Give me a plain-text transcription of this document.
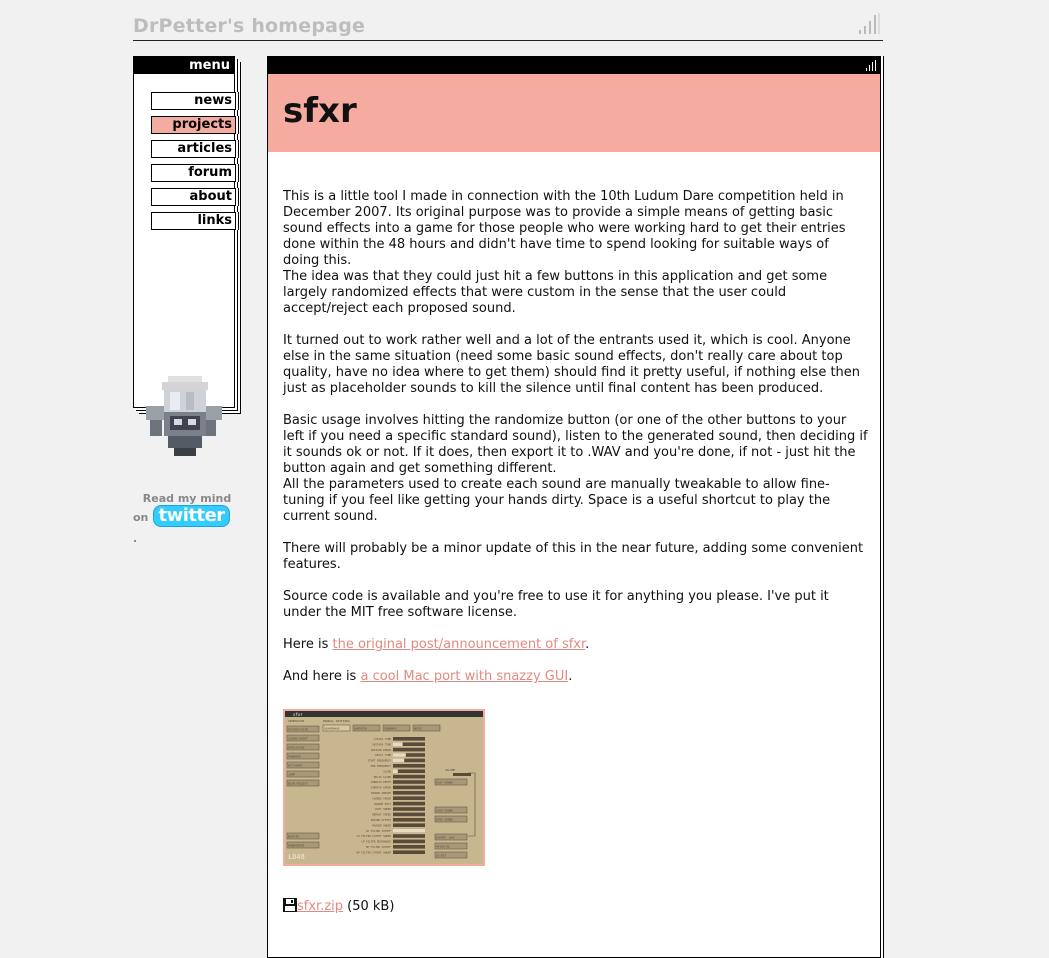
DrPetter's homepage
menu
news
projects
articles
forum
about
links
Read my mind
on twitter.
sfxr

This is a little tool I made in connection with the 10th Ludum Dare competition held in December 2007. Its original purpose was to provide a simple means of getting basic sound effects into a game for those people who were working hard to get their entries done within the 48 hours and didn't have time to spend looking for suitable ways of doing this.
The idea was that they could just hit a few buttons in this application and get some largely randomized effects that were custom in the sense that the user could accept/reject each proposed sound.

It turned out to work rather well and a lot of the entrants used it, which is cool. Anyone else in the same situation (need some basic sound effects, don't really care about top quality, have no idea where to get them) should find it pretty useful, if nothing else then just as placeholder sounds to kill the silence until final content has been produced.

Basic usage involves hitting the randomize button (or one of the other buttons to your left if you need a specific standard sound), listen to the generated sound, then deciding if it sounds ok or not. If it does, then export it to .WAV and you're done, if not - just hit the button again and get something different.
All the parameters used to create each sound are manually tweakable to allow fine-tuning if you feel like getting your hands dirty. Space is a useful shortcut to play the current sound.

There will probably be a minor update of this in the near future, adding some convenient features.

Source code is available and you're free to use it for anything you please. I've put it under the MIT free software license.

Here is the original post/announcement of sfxr.

And here is a cool Mac port with snazzy GUI.

sfxr
GENERATOR	MANUAL SETTINGS
PICKUP/COIN
LASER/SHOOT
EXPLOSION
POWERUP
HIT/HURT
JUMP
BLIP/SELECT
MUTATE
RANDOMIZE
LD48
SQUAREWAVE	SAWTOOTH	SINEWAVE	NOISE
ATTACK TIME
SUSTAIN TIME
SUSTAIN PUNCH
DECAY TIME
START FREQUENCY
MIN FREQUENCY
SLIDE
DELTA SLIDE
VIBRATO DEPTH
VIBRATO SPEED
CHANGE AMOUNT
CHANGE SPEED
SQUARE DUTY
DUTY SWEEP
REPEAT SPEED
PHASER OFFSET
PHASER SWEEP
LP FILTER CUTOFF
LP FILTER CUTOFF SWEEP
LP FILTER RESONANCE
HP FILTER CUTOFF
HP FILTER CUTOFF SWEEP
VOLUME
PLAY SOUND
LOAD SOUND
SAVE SOUND
EXPORT .WAV
44100 HZ
16-BIT
sfxr.zip (50 kB)
